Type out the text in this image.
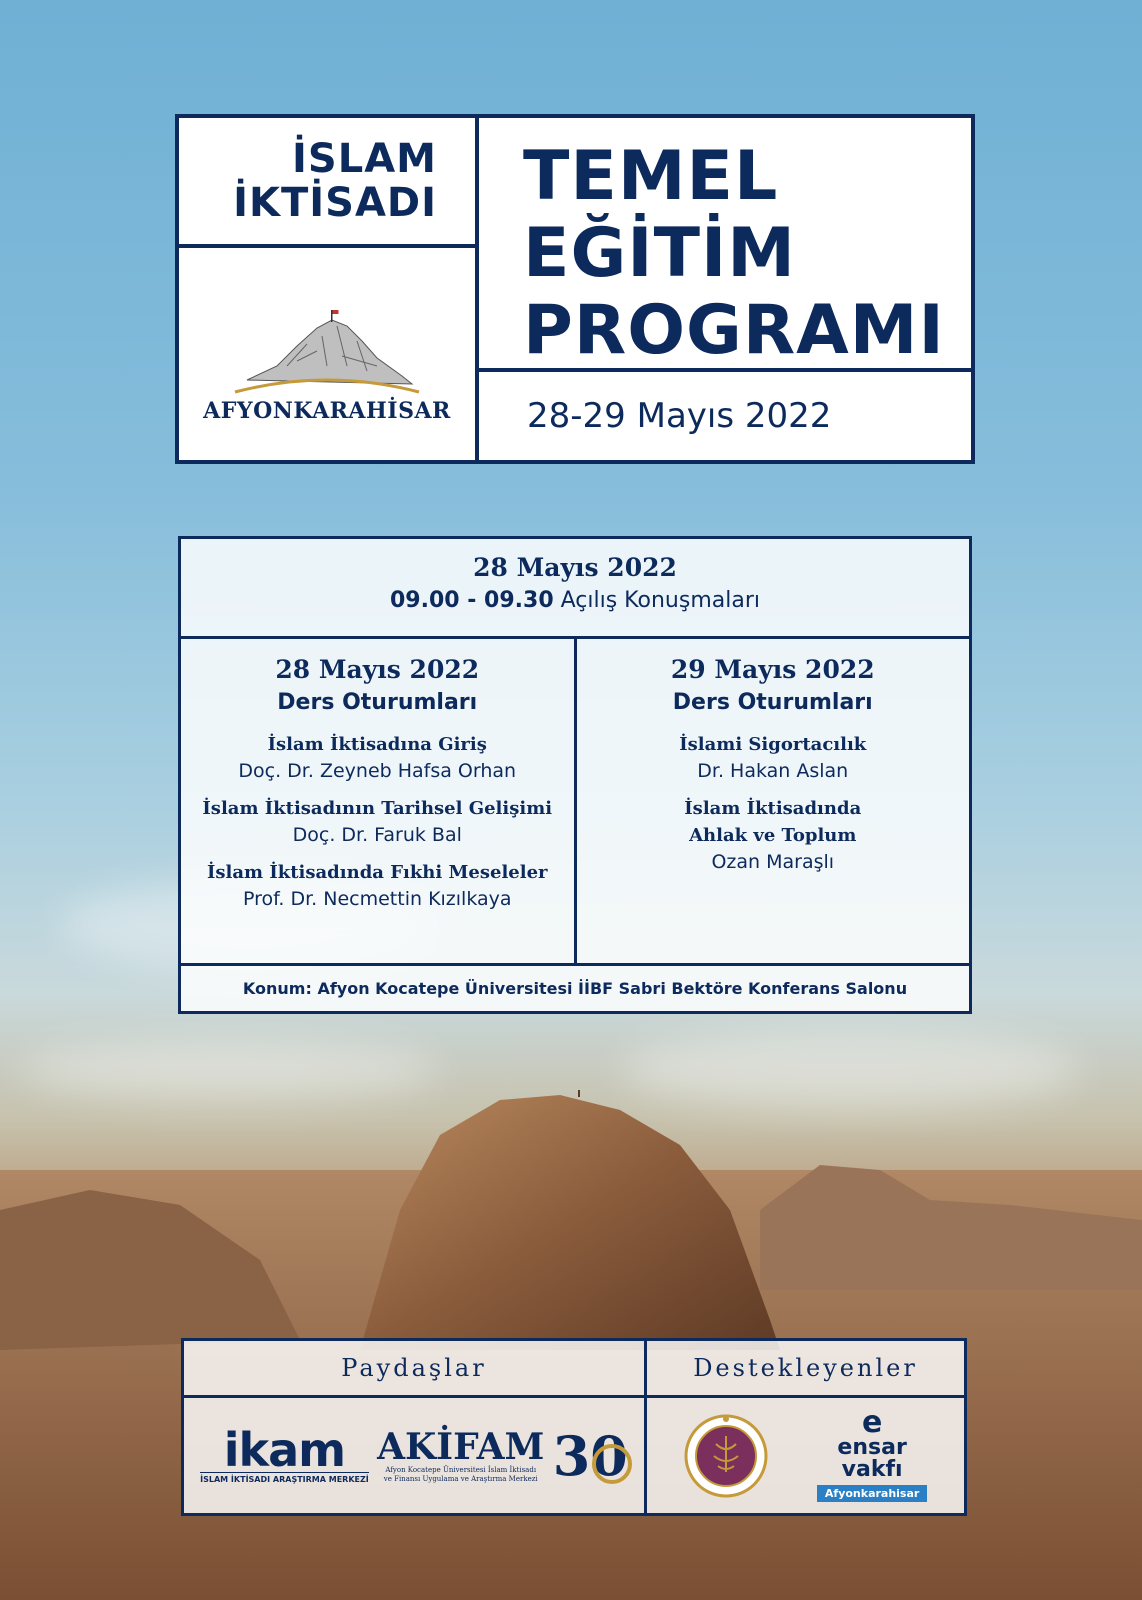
İSLAM
İKTİSADI
AFYONKARAHİSAR
TEMEL
EĞİTİM
PROGRAMI
28-29 Mayıs 2022
28 Mayıs 2022
09.00 - 09.30 Açılış Konuşmaları
28 Mayıs 2022
Ders Oturumları
İslam İktisadına Giriş
Doç. Dr. Zeyneb Hafsa Orhan
İslam İktisadının Tarihsel Gelişimi
Doç. Dr. Faruk Bal
İslam İktisadında Fıkhi Meseleler
Prof. Dr. Necmettin Kızılkaya
29 Mayıs 2022
Ders Oturumları
İslami Sigortacılık
Dr. Hakan Aslan
İslam İktisadında
Ahlak ve Toplum
Ozan Maraşlı
Konum: Afyon Kocatepe Üniversitesi İİBF Sabri Bektöre Konferans Salonu
Paydaşlar
ikam
İSLAM İKTİSADI ARAŞTIRMA MERKEZİ
AKİFAM
Afyon Kocatepe Üniversitesi İslam İktisadı
ve Finansı Uygulama ve Araştırma Merkezi 30
Destekleyenler
e
ensar
vakfı
Afyonkarahisar
